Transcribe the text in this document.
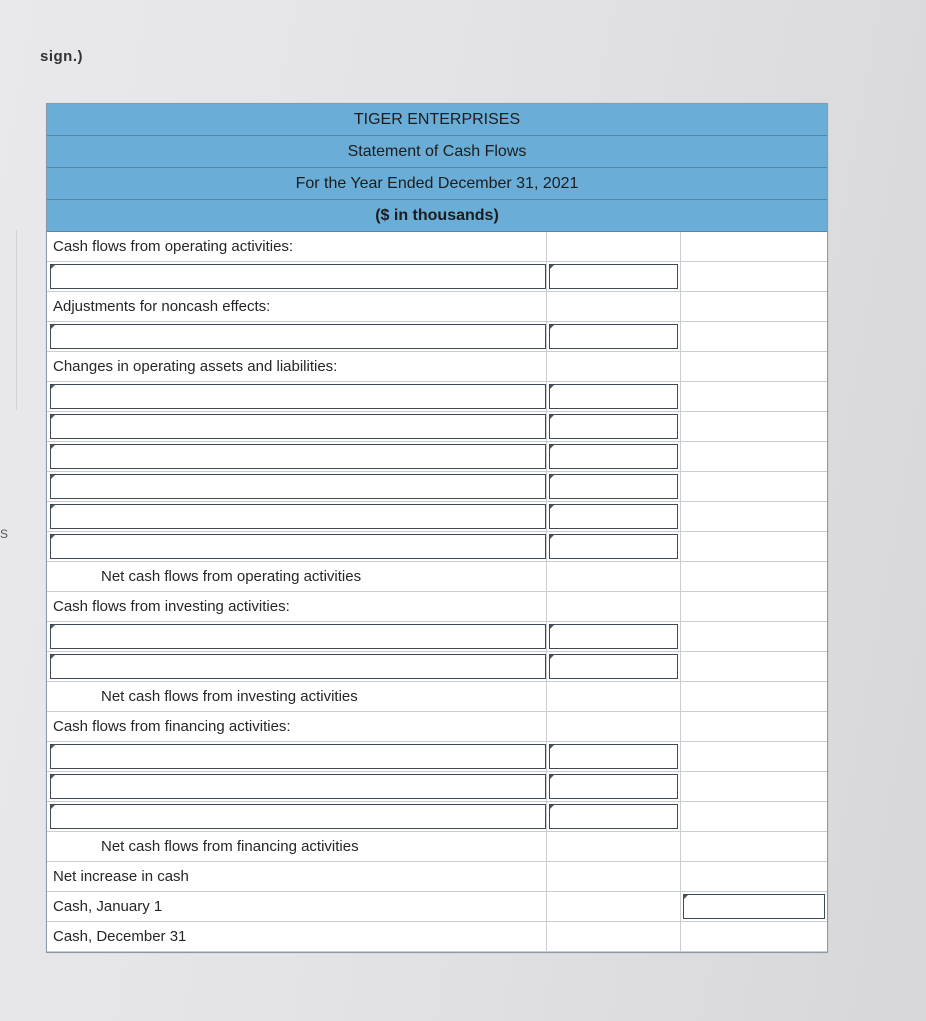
sign.)
S
TIGER ENTERPRISES
Statement of Cash Flows
For the Year Ended December 31, 2021
($ in thousands)
Cash flows from operating activities:
Adjustments for noncash effects:
Changes in operating assets and liabilities:
Net cash flows from operating activities
Cash flows from investing activities:
Net cash flows from investing activities
Cash flows from financing activities:
Net cash flows from financing activities
Net increase in cash
Cash, January 1
Cash, December 31
